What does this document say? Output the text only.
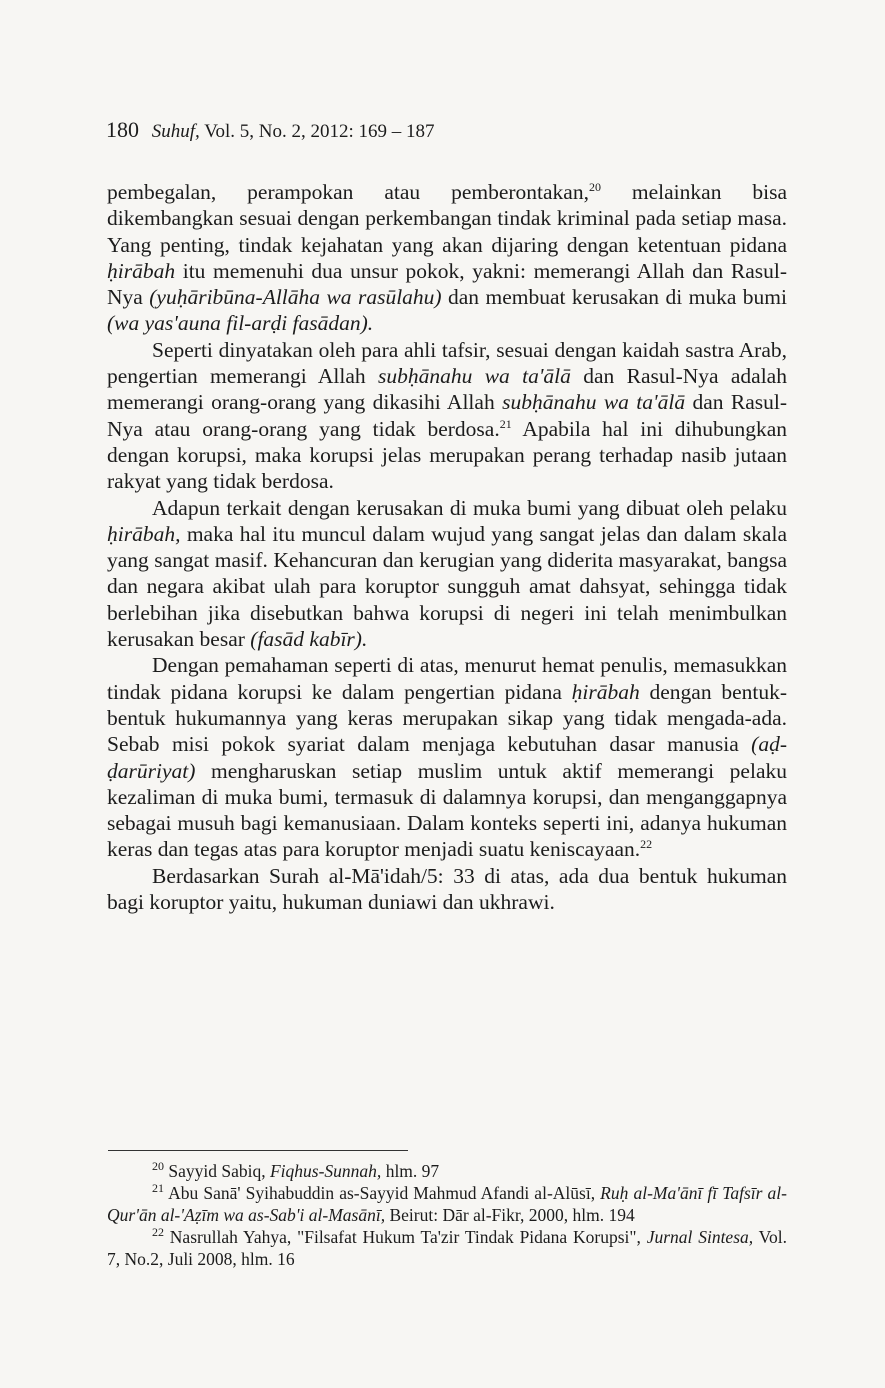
180 Suhuf, Vol. 5, No. 2, 2012: 169 – 187

pembegalan, perampokan atau pemberontakan,$^{20}$ melainkan bisa dikembangkan sesuai dengan perkembangan tindak kriminal pada setiap masa. Yang penting, tindak kejahatan yang akan dijaring dengan ketentuan pidana ḥirābah itu memenuhi dua unsur pokok, yakni: memerangi Allah dan Rasul-Nya (yuḥāribūna-Allāha wa rasūlahu) dan membuat kerusakan di muka bumi (wa yas'auna fil-arḍi fasādan).

Seperti dinyatakan oleh para ahli tafsir, sesuai dengan kaidah sastra Arab, pengertian memerangi Allah subḥānahu wa ta'ālā dan Rasul-Nya adalah memerangi orang-orang yang dikasihi Allah subḥānahu wa ta'ālā dan Rasul-Nya atau orang-orang yang tidak berdosa.$^{21}$ Apabila hal ini dihubungkan dengan korupsi, maka korupsi jelas merupakan perang terhadap nasib jutaan rakyat yang tidak berdosa.

Adapun terkait dengan kerusakan di muka bumi yang dibuat oleh pelaku ḥirābah, maka hal itu muncul dalam wujud yang sangat jelas dan dalam skala yang sangat masif. Kehancuran dan kerugian yang diderita masyarakat, bangsa dan negara akibat ulah para koruptor sungguh amat dahsyat, sehingga tidak berlebihan jika disebutkan bahwa korupsi di negeri ini telah menimbulkan kerusakan besar (fasād kabīr).

Dengan pemahaman seperti di atas, menurut hemat penulis, memasukkan tindak pidana korupsi ke dalam pengertian pidana ḥirābah dengan bentuk-bentuk hukumannya yang keras merupakan sikap yang tidak mengada-ada. Sebab misi pokok syariat dalam menjaga kebutuhan dasar manusia (aḍ-ḍarūriyat) mengharuskan setiap muslim untuk aktif memerangi pelaku kezaliman di muka bumi, termasuk di dalamnya korupsi, dan menganggapnya sebagai musuh bagi kemanusiaan. Dalam konteks seperti ini, adanya hukuman keras dan tegas atas para koruptor menjadi suatu keniscayaan.$^{22}$

Berdasarkan Surah al-Mā'idah/5: 33 di atas, ada dua bentuk hukuman bagi koruptor yaitu, hukuman duniawi dan ukhrawi.

$^{20}$ Sayyid Sabiq, Fiqhus-Sunnah, hlm. 97

$^{21}$ Abu Sanā' Syihabuddin as-Sayyid Mahmud Afandi al-Alūsī, Ruḥ al-Ma'ānī fī Tafsīr al-Qur'ān al-'Aẓīm wa as-Sab'i al-Masānī, Beirut: Dār al-Fikr, 2000, hlm. 194

$^{22}$ Nasrullah Yahya, "Filsafat Hukum Ta'zir Tindak Pidana Korupsi", Jurnal Sintesa, Vol. 7, No.2, Juli 2008, hlm. 16
